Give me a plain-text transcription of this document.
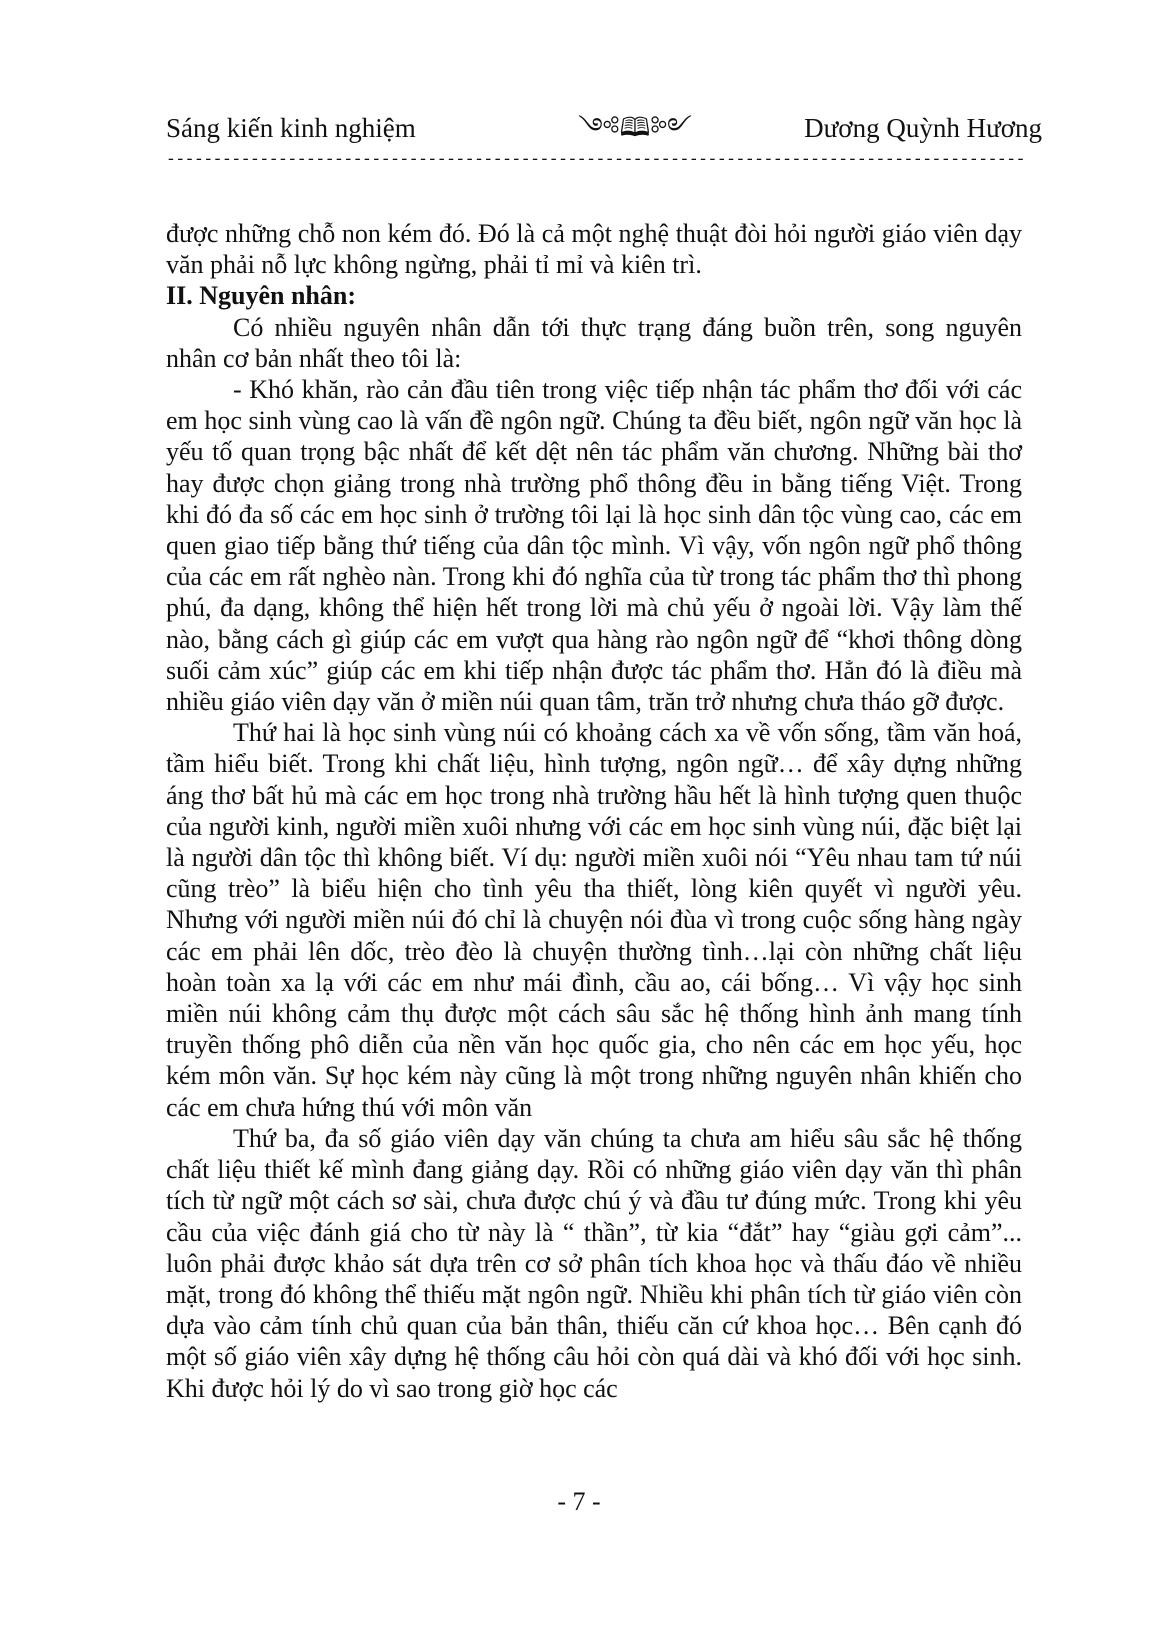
Sáng kiến kinh nghiệm	༺🕮༻	Dương Quỳnh Hương
--------------------------------------------------------------------------------------------

được những chỗ non kém đó. Đó là cả một nghệ thuật đòi hỏi người giáo viên dạy văn phải nỗ lực không ngừng, phải tỉ mỉ và kiên trì.

II. Nguyên nhân:

Có nhiều nguyên nhân dẫn tới thực trạng đáng buồn trên, song nguyên nhân cơ bản nhất theo tôi là:

- Khó khăn, rào cản đầu tiên trong việc tiếp nhận tác phẩm thơ đối với các em học sinh vùng cao là vấn đề ngôn ngữ. Chúng ta đều biết, ngôn ngữ văn học là yếu tố quan trọng bậc nhất để kết dệt nên tác phẩm văn chương. Những bài thơ hay được chọn giảng trong nhà trường phổ thông đều in bằng tiếng Việt. Trong khi đó đa số các em học sinh ở trường tôi lại là học sinh dân tộc vùng cao, các em quen giao tiếp bằng thứ tiếng của dân tộc mình. Vì vậy, vốn ngôn ngữ phổ thông của các em rất nghèo nàn. Trong khi đó nghĩa của từ trong tác phẩm thơ thì phong phú, đa dạng, không thể hiện hết trong lời mà chủ yếu ở ngoài lời. Vậy làm thế nào, bằng cách gì giúp các em vượt qua hàng rào ngôn ngữ để “khơi thông dòng suối cảm xúc” giúp các em khi tiếp nhận được tác phẩm thơ. Hẳn đó là điều mà nhiều giáo viên dạy văn ở miền núi quan tâm, trăn trở nhưng chưa tháo gỡ được.

Thứ hai là học sinh vùng núi có khoảng cách xa về vốn sống, tầm văn hoá, tầm hiểu biết. Trong khi chất liệu, hình tượng, ngôn ngữ… để xây dựng những áng thơ bất hủ mà các em học trong nhà trường hầu hết là hình tượng quen thuộc của người kinh, người miền xuôi nhưng với các em học sinh vùng núi, đặc biệt lại là người dân tộc thì không biết. Ví dụ: người miền xuôi nói “Yêu nhau tam tứ núi cũng trèo” là biểu hiện cho tình yêu tha thiết, lòng kiên quyết vì người yêu. Nhưng với người miền núi đó chỉ là chuyện nói đùa vì trong cuộc sống hàng ngày các em phải lên dốc, trèo đèo là chuyện thường tình…lại còn những chất liệu hoàn toàn xa lạ với các em như mái đình, cầu ao, cái bống… Vì vậy học sinh miền núi không cảm thụ được một cách sâu sắc hệ thống hình ảnh mang tính truyền thống phô diễn của nền văn học quốc gia, cho nên các em học yếu, học kém môn văn. Sự học kém này cũng là một trong những nguyên nhân khiến cho các em chưa hứng thú với môn văn

Thứ ba, đa số giáo viên dạy văn chúng ta chưa am hiểu sâu sắc hệ thống chất liệu thiết kế mình đang giảng dạy. Rồi có những giáo viên dạy văn thì phân tích từ ngữ một cách sơ sài, chưa được chú ý và đầu tư đúng mức. Trong khi yêu cầu của việc đánh giá cho từ này là “ thần”, từ kia “đắt” hay “giàu gợi cảm”... luôn phải được khảo sát dựa trên cơ sở phân tích khoa học và thấu đáo về nhiều mặt, trong đó không thể thiếu mặt ngôn ngữ. Nhiều khi phân tích từ giáo viên còn dựa vào cảm tính chủ quan của bản thân, thiếu căn cứ khoa học… Bên cạnh đó một số giáo viên xây dựng hệ thống câu hỏi còn quá dài và khó đối với học sinh. Khi được hỏi lý do vì sao trong giờ học các

- 7 -
